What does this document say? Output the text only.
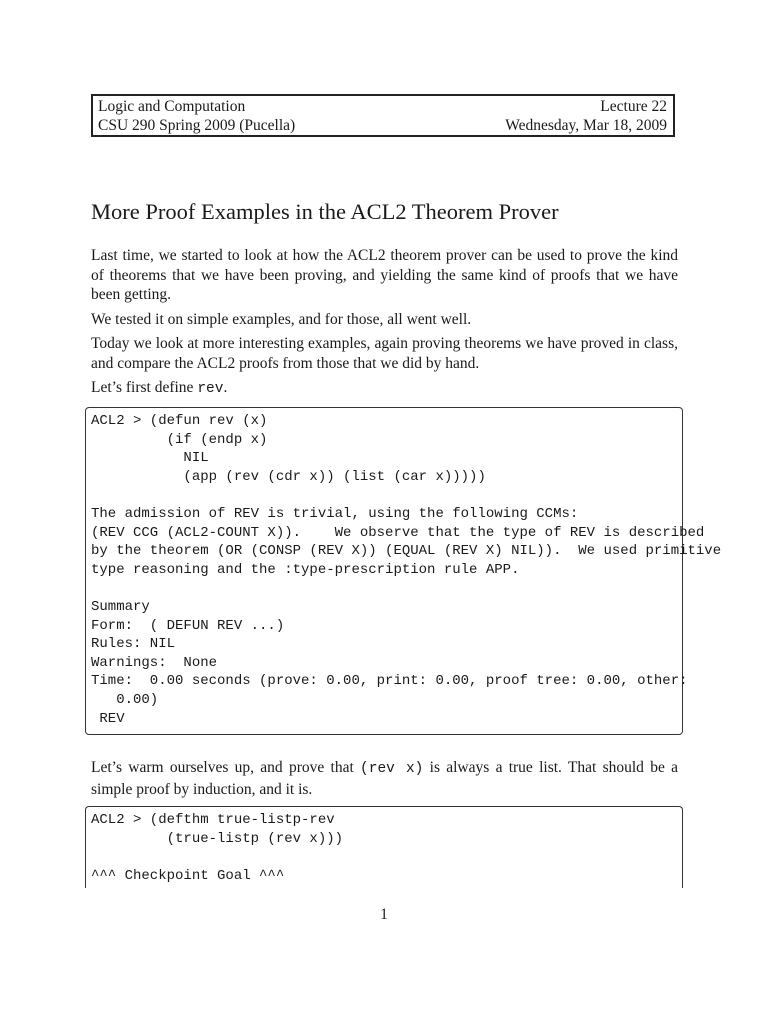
Logic and Computation	Lecture 22
CSU 290 Spring 2009 (Pucella)	Wednesday, Mar 18, 2009
More Proof Examples in the ACL2 Theorem Prover

Last time, we started to look at how the ACL2 theorem prover can be used to prove the kind of theorems that we have been proving, and yielding the same kind of proofs that we have been getting.

We tested it on simple examples, and for those, all went well.

Today we look at more interesting examples, again proving theorems we have proved in class, and compare the ACL2 proofs from those that we did by hand.

Let’s first define rev.

ACL2 > (defun rev (x)
(if (endp x)
NIL
(app (rev (cdr x)) (list (car x)))))

The admission of REV is trivial, using the following CCMs:
(REV CCG (ACL2-COUNT X)).    We observe that the type of REV is described
by the theorem (OR (CONSP (REV X)) (EQUAL (REV X) NIL)).  We used primitive
type reasoning and the :type-prescription rule APP.

Summary
Form:  ( DEFUN REV ...)
Rules: NIL
Warnings:  None
Time:  0.00 seconds (prove: 0.00, print: 0.00, proof tree: 0.00, other:
0.00)
REV

Let’s warm ourselves up, and prove that (rev x) is always a true list. That should be a simple proof by induction, and it is.

ACL2 > (defthm true-listp-rev
(true-listp (rev x)))

^^^ Checkpoint Goal ^^^
1
